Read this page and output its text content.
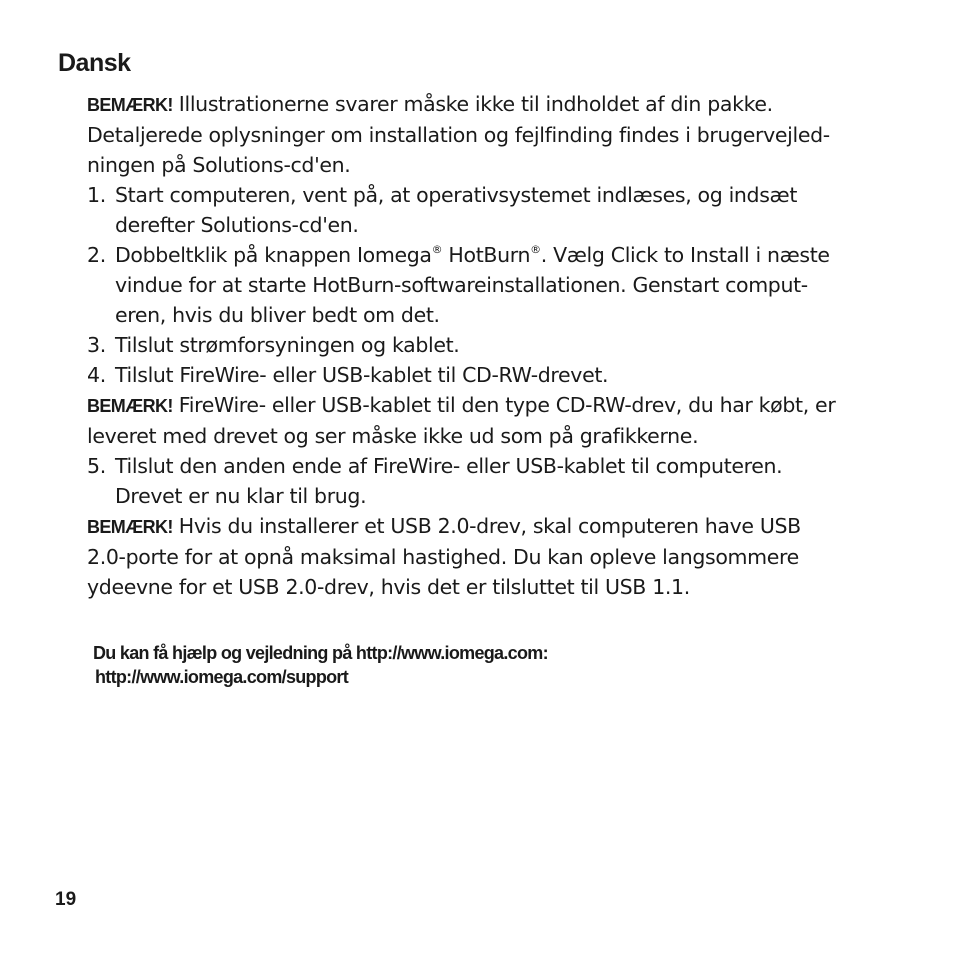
Dansk

BEMÆRK! Illustrationerne svarer måske ikke til indholdet af din pakke.
Detaljerede oplysninger om installation og fejlfinding findes i brugervejled-
ningen på Solutions-cd'en.

1. Start computeren, vent på, at operativsystemet indlæses, og indsæt
derefter Solutions-cd'en.
2. Dobbeltklik på knappen Iomega® HotBurn®. Vælg Click to Install i næste
vindue for at starte HotBurn-softwareinstallationen. Genstart comput-
eren, hvis du bliver bedt om det.
3. Tilslut strømforsyningen og kablet.
4. Tilslut FireWire- eller USB-kablet til CD-RW-drevet.

BEMÆRK! FireWire- eller USB-kablet til den type CD-RW-drev, du har købt, er
leveret med drevet og ser måske ikke ud som på grafikkerne.

5. Tilslut den anden ende af FireWire- eller USB-kablet til computeren.
Drevet er nu klar til brug.

BEMÆRK! Hvis du installerer et USB 2.0-drev, skal computeren have USB
2.0-porte for at opnå maksimal hastighed. Du kan opleve langsommere
ydeevne for et USB 2.0-drev, hvis det er tilsluttet til USB 1.1.

Du kan få hjælp og vejledning på http://www.iomega.com:
http://www.iomega.com/support
19
